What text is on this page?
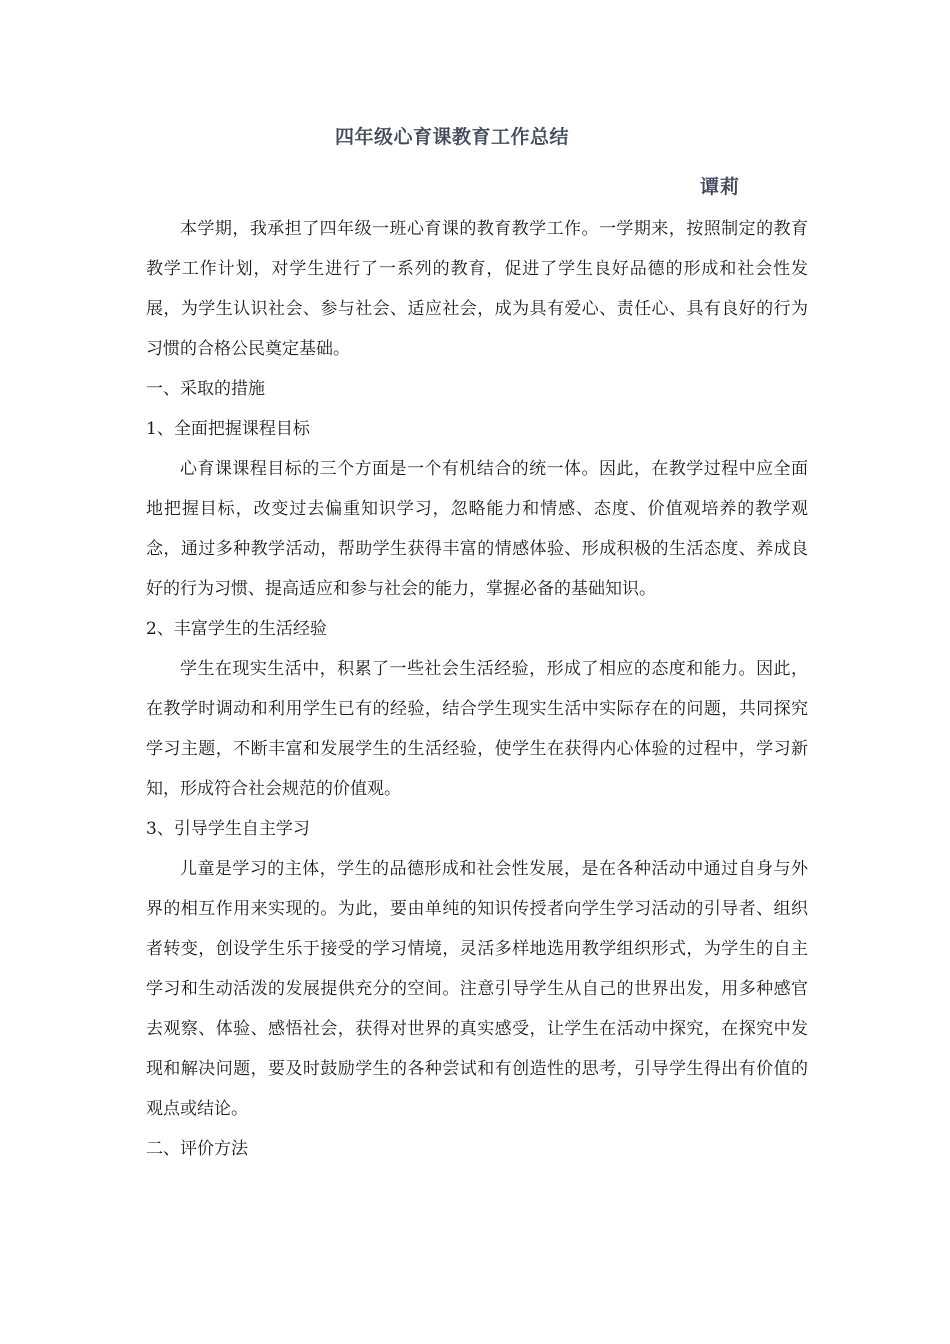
四年级心育课教育工作总结
谭莉

本学期，我承担了四年级一班心育课的教育教学工作。一学期来，按照制定的教育教学工作计划，对学生进行了一系列的教育，促进了学生良好品德的形成和社会性发展，为学生认识社会、参与社会、适应社会，成为具有爱心、责任心、具有良好的行为习惯的合格公民奠定基础。

一、采取的措施

1、全面把握课程目标

心育课课程目标的三个方面是一个有机结合的统一体。因此，在教学过程中应全面地把握目标，改变过去偏重知识学习，忽略能力和情感、态度、价值观培养的教学观念，通过多种教学活动，帮助学生获得丰富的情感体验、形成积极的生活态度、养成良好的行为习惯、提高适应和参与社会的能力，掌握必备的基础知识。

2、丰富学生的生活经验

学生在现实生活中，积累了一些社会生活经验，形成了相应的态度和能力。因此，在教学时调动和利用学生已有的经验，结合学生现实生活中实际存在的问题，共同探究学习主题，不断丰富和发展学生的生活经验，使学生在获得内心体验的过程中，学习新知，形成符合社会规范的价值观。

3、引导学生自主学习

儿童是学习的主体，学生的品德形成和社会性发展，是在各种活动中通过自身与外界的相互作用来实现的。为此，要由单纯的知识传授者向学生学习活动的引导者、组织者转变，创设学生乐于接受的学习情境，灵活多样地选用教学组织形式，为学生的自主学习和生动活泼的发展提供充分的空间。注意引导学生从自己的世界出发，用多种感官去观察、体验、感悟社会，获得对世界的真实感受，让学生在活动中探究，在探究中发现和解决问题，要及时鼓励学生的各种尝试和有创造性的思考，引导学生得出有价值的观点或结论。

二、评价方法
